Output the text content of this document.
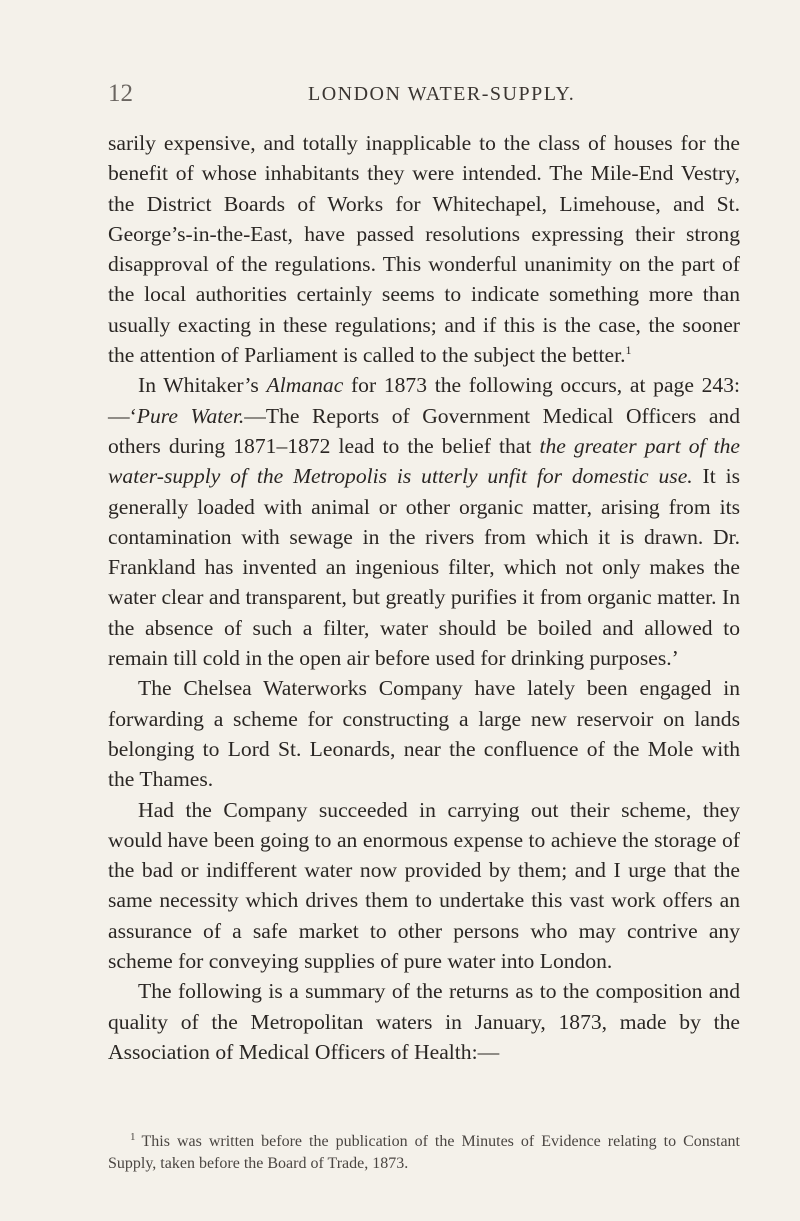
12	LONDON WATER-SUPPLY.

sarily expensive, and totally inapplicable to the class of houses for the benefit of whose inhabitants they were intended. The Mile-End Vestry, the District Boards of Works for Whitechapel, Limehouse, and St. George’s-in-the-East, have passed resolutions expressing their strong disapproval of the regulations. This wonderful unanimity on the part of the local authorities certainly seems to indicate something more than usually exacting in these regulations; and if this is the case, the sooner the attention of Parliament is called to the subject the better.$^1$

In Whitaker’s Almanac for 1873 the following occurs, at page 243: —‘Pure Water.—The Reports of Government Medical Officers and others during 1871–1872 lead to the belief that the greater part of the water-supply of the Metropolis is utterly unfit for domestic use. It is generally loaded with animal or other organic matter, arising from its contamination with sewage in the rivers from which it is drawn. Dr. Frankland has invented an ingenious filter, which not only makes the water clear and transparent, but greatly purifies it from organic matter. In the absence of such a filter, water should be boiled and allowed to remain till cold in the open air before used for drinking purposes.’

The Chelsea Waterworks Company have lately been engaged in forwarding a scheme for constructing a large new reservoir on lands belonging to Lord St. Leonards, near the confluence of the Mole with the Thames.

Had the Company succeeded in carrying out their scheme, they would have been going to an enormous expense to achieve the storage of the bad or indifferent water now provided by them; and I urge that the same necessity which drives them to undertake this vast work offers an assurance of a safe market to other persons who may contrive any scheme for conveying supplies of pure water into London.

The following is a summary of the returns as to the composition and quality of the Metropolitan waters in January, 1873, made by the Association of Medical Officers of Health:—

$^1$ This was written before the publication of the Minutes of Evidence relating to Constant Supply, taken before the Board of Trade, 1873.
